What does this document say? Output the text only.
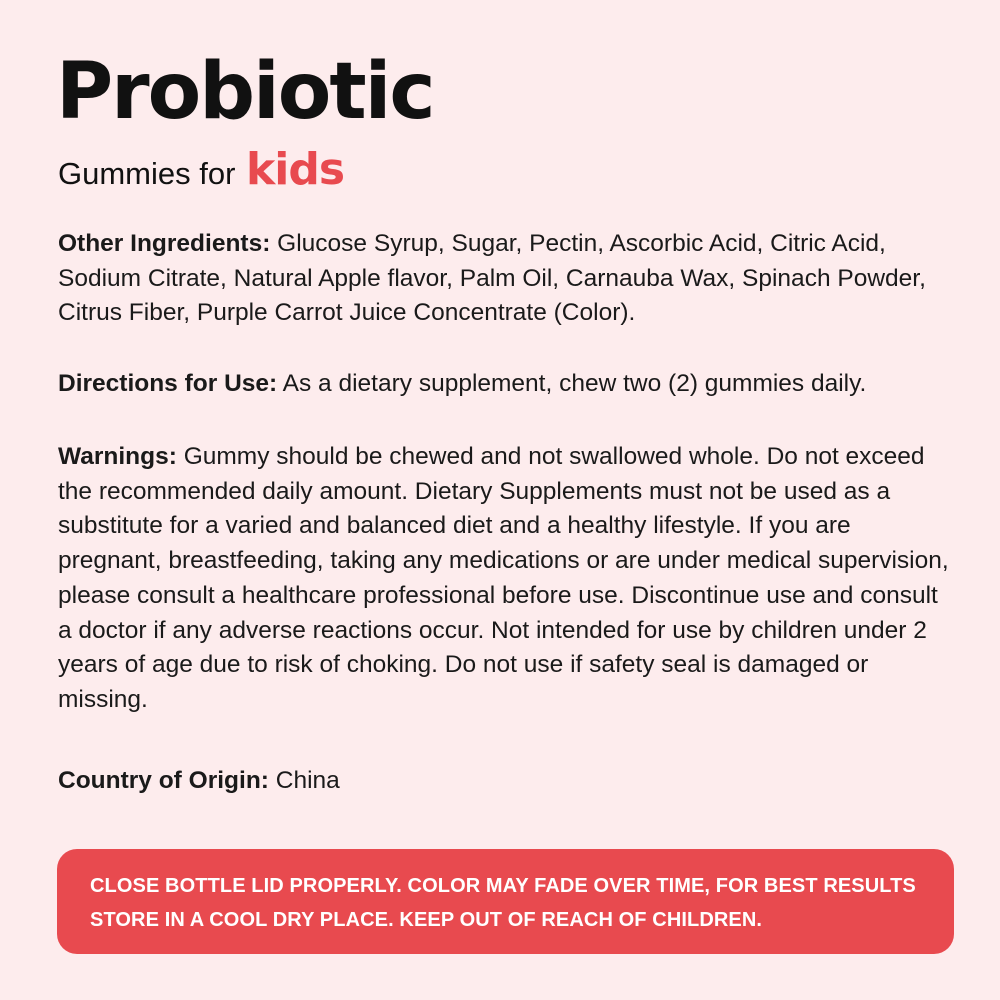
Probiotic

Gummies for kids

Other Ingredients: Glucose Syrup, Sugar, Pectin, Ascorbic Acid, Citric Acid, Sodium Citrate, Natural Apple flavor, Palm Oil, Carnauba Wax, Spinach Powder, Citrus Fiber, Purple Carrot Juice Concentrate (Color).

Directions for Use: As a dietary supplement, chew two (2) gummies daily.

Warnings: Gummy should be chewed and not swallowed whole. Do not exceed the recommended daily amount. Dietary Supplements must not be used as a substitute for a varied and balanced diet and a healthy lifestyle. If you are pregnant, breastfeeding, taking any medications or are under medical supervision, please consult a healthcare professional before use. Discontinue use and consult a doctor if any adverse reactions occur. Not intended for use by children under 2 years of age due to risk of choking. Do not use if safety seal is damaged or missing.

Country of Origin: China

CLOSE BOTTLE LID PROPERLY. COLOR MAY FADE OVER TIME, FOR BEST RESULTS

STORE IN A COOL DRY PLACE. KEEP OUT OF REACH OF CHILDREN.
